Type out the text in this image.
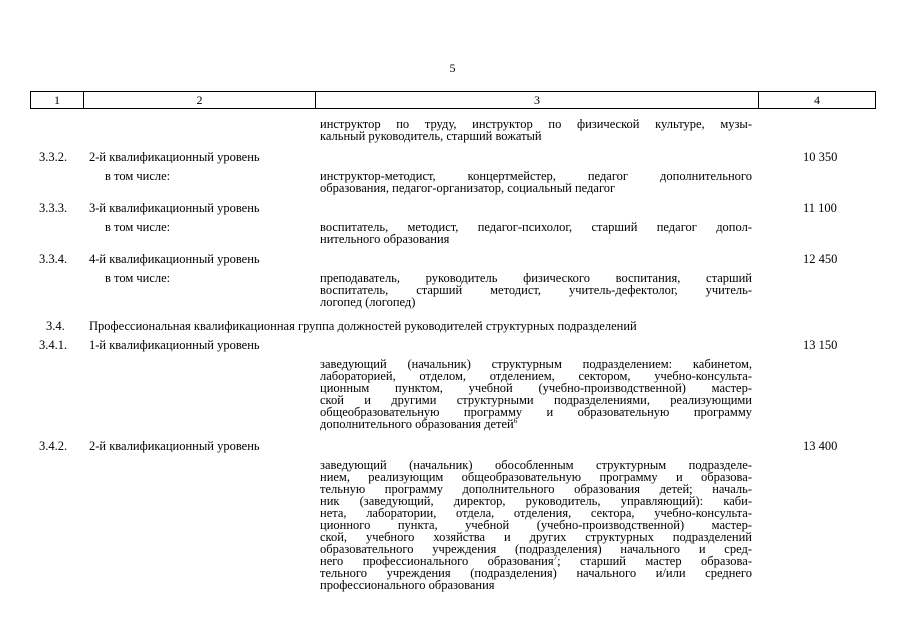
5
1	2	3	4
инструктор по труду, инструктор по физической культуре, музы-
кальный руководитель, старший вожатый
3.3.2. 2-й квалификационный уровень	10 350
в том числе:	инструктор-методист, концертмейстер, педагог дополнительного
образования, педагог-организатор, социальный педагог
3.3.3. 3-й квалификационный уровень	11 100
в том числе:	воспитатель, методист, педагог-психолог, старший педагог допол-
нительного образования
3.3.4. 4-й квалификационный уровень	12 450
в том числе:	преподаватель, руководитель физического воспитания, старший
воспитатель, старший методист, учитель-дефектолог, учитель-
логопед (логопед)
3.4. Профессиональная квалификационная группа должностей руководителей структурных подразделений
3.4.1. 1-й квалификационный уровень	13 150
заведующий (начальник) структурным подразделением: кабинетом,
лабораторией, отделом, отделением, сектором, учебно-консульта-
ционным пунктом, учебной (учебно-производственной) мастер-
ской и другими структурными подразделениями, реализующими
общеобразовательную программу и образовательную программу
дополнительного образования детей$^6$
3.4.2. 2-й квалификационный уровень	13 400
заведующий (начальник) обособленным структурным подразделе-
нием, реализующим общеобразовательную программу и образова-
тельную программу дополнительного образования детей; началь-
ник (заведующий, директор, руководитель, управляющий): каби-
нета, лаборатории, отдела, отделения, сектора, учебно-консульта-
ционного пункта, учебной (учебно-производственной) мастер-
ской, учебного хозяйства и других структурных подразделений
образовательного учреждения (подразделения) начального и сред-
него профессионального образования$^7$; старший мастер образова-
тельного учреждения (подразделения) начального и/или среднего
профессионального образования
